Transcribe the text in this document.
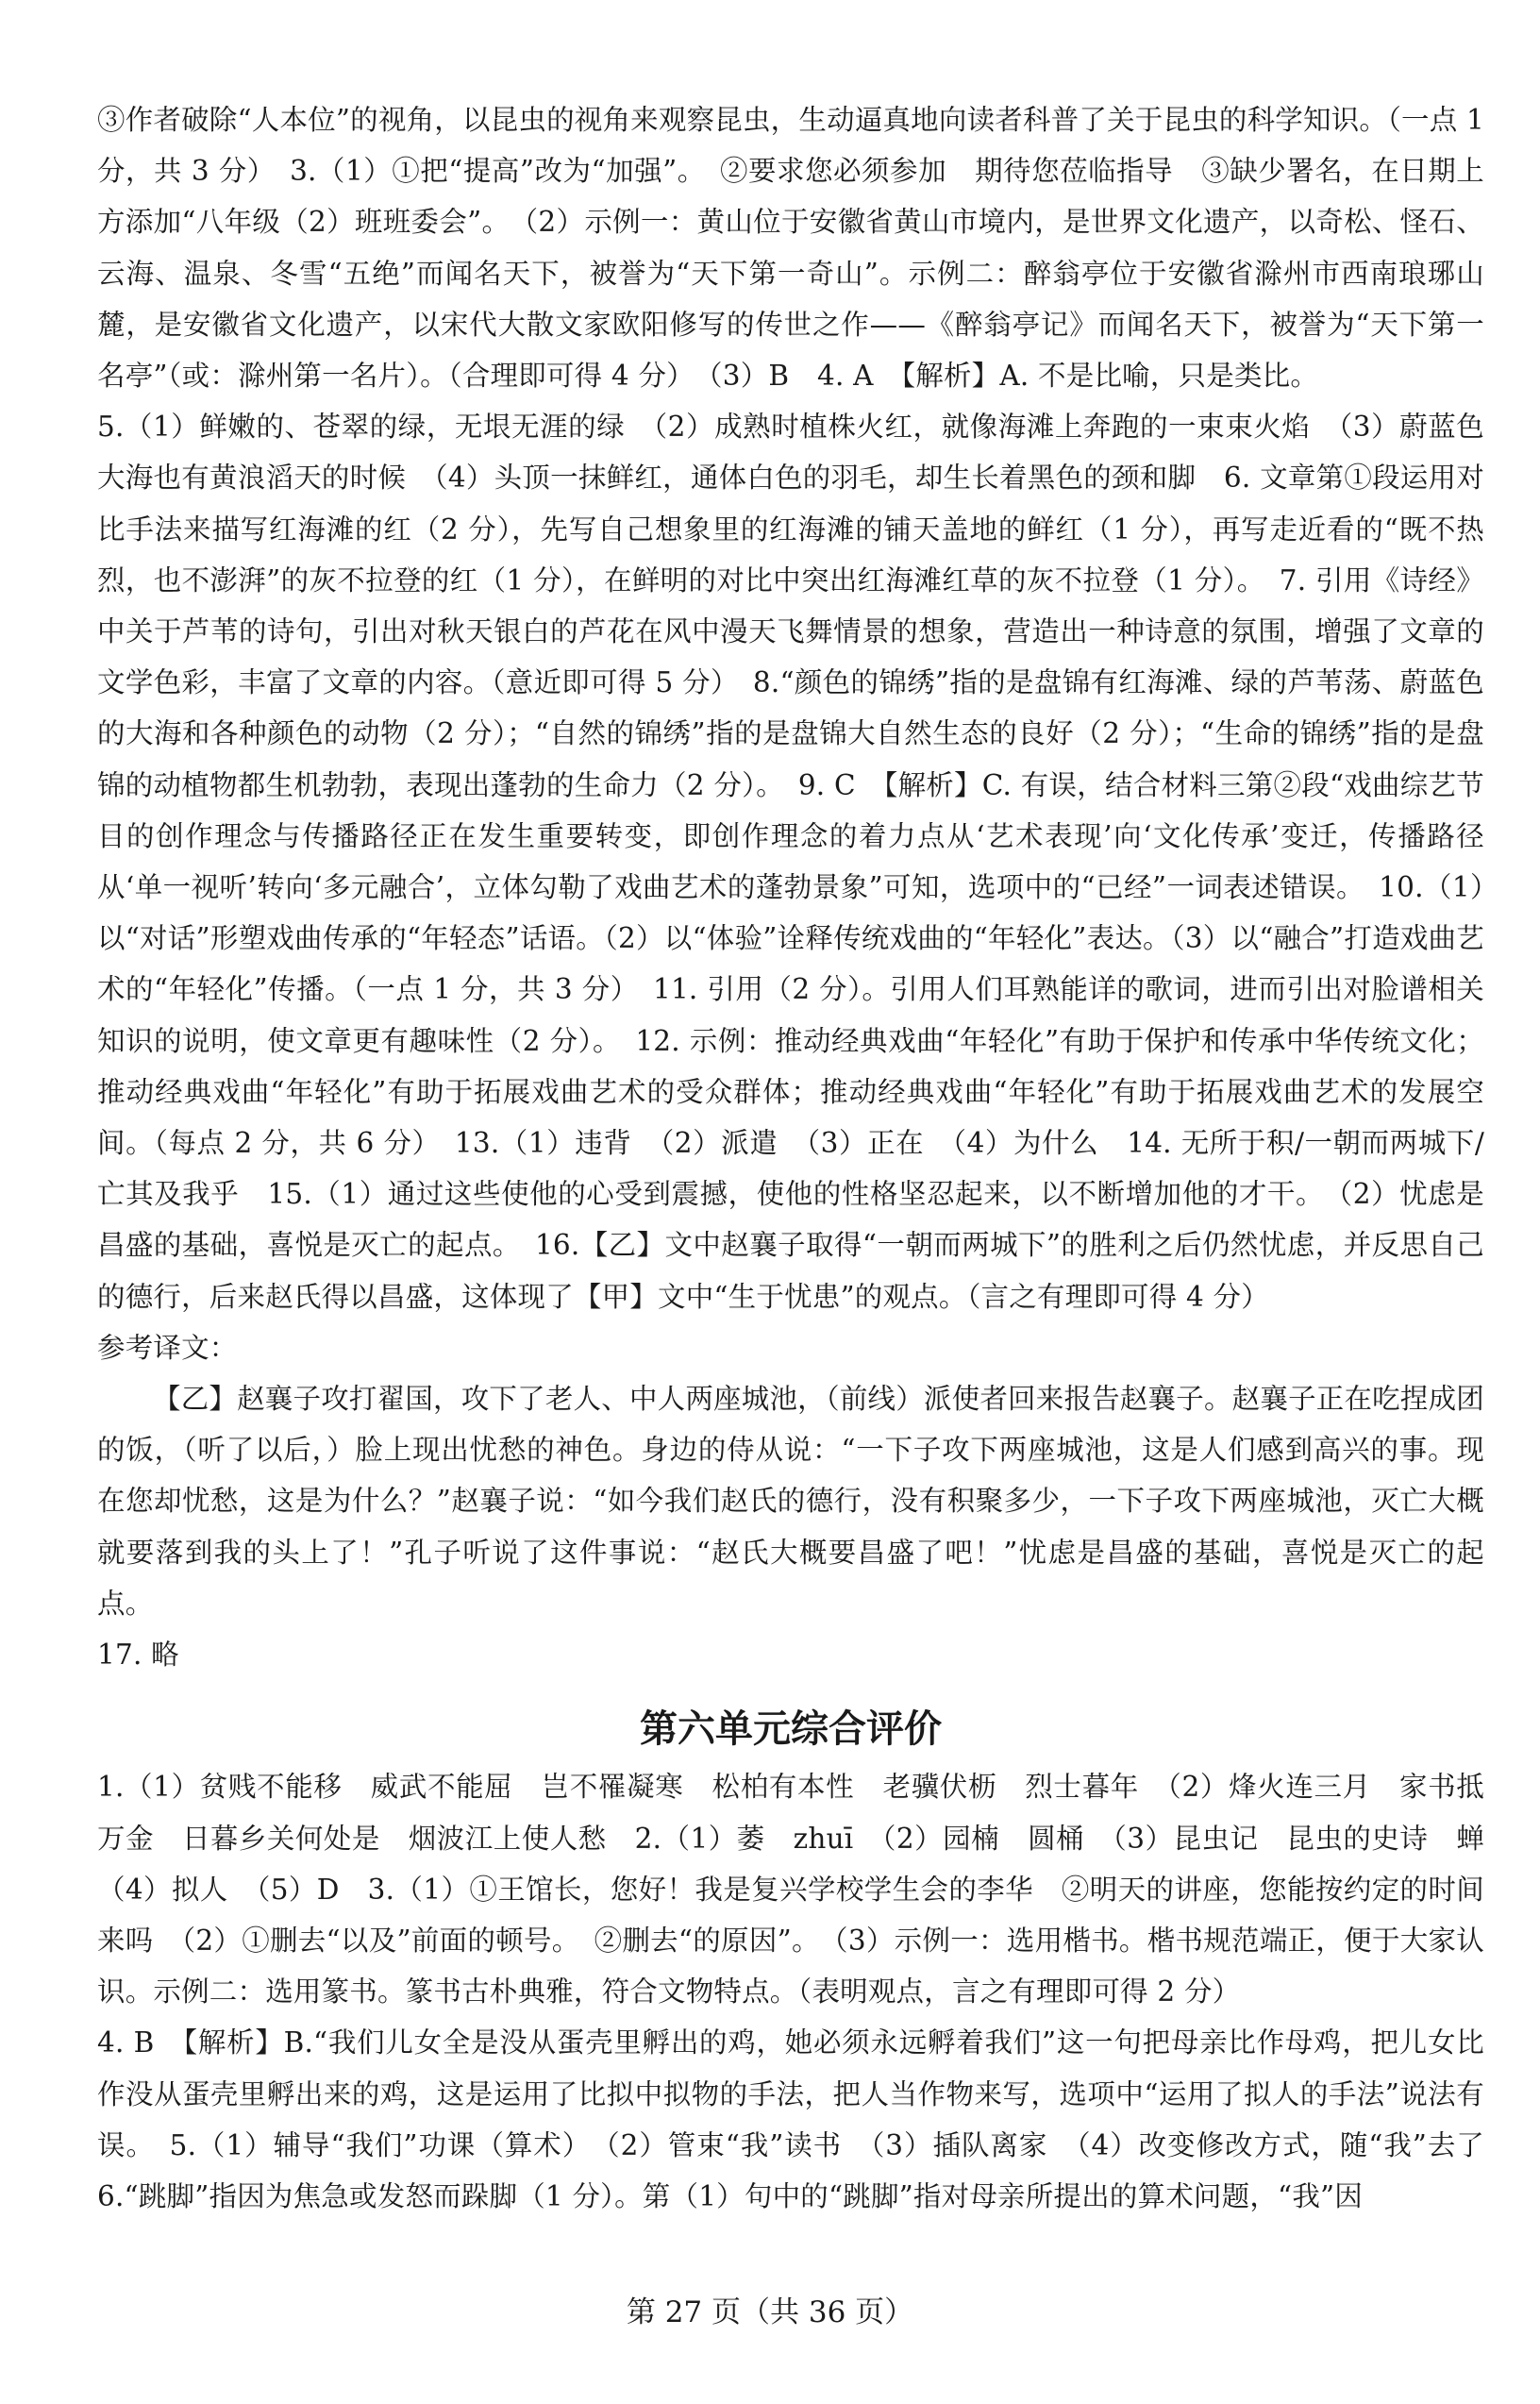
③作者破除“人本位”的视角，以昆虫的视角来观察昆虫，生动逼真地向读者科普了关于昆虫的科学知识。（一点 1 分，共 3 分）　3.（1）①把“提高”改为“加强”。　②要求您必须参加　期待您莅临指导　③缺少署名，在日期上方添加“八年级（2）班班委会”。　（2）示例一：黄山位于安徽省黄山市境内，是世界文化遗产，以奇松、怪石、云海、温泉、冬雪“五绝”而闻名天下，被誉为“天下第一奇山”。示例二：醉翁亭位于安徽省滁州市西南琅琊山麓，是安徽省文化遗产，以宋代大散文家欧阳修写的传世之作——《醉翁亭记》而闻名天下，被誉为“天下第一名亭”（或：滁州第一名片）。（合理即可得 4 分）　（3）B　4. A　【解析】A. 不是比喻，只是类比。

5.（1）鲜嫩的、苍翠的绿，无垠无涯的绿　（2）成熟时植株火红，就像海滩上奔跑的一束束火焰　（3）蔚蓝色大海也有黄浪滔天的时候　（4）头顶一抹鲜红，通体白色的羽毛，却生长着黑色的颈和脚　6. 文章第①段运用对比手法来描写红海滩的红（2 分），先写自己想象里的红海滩的铺天盖地的鲜红（1 分），再写走近看的“既不热烈，也不澎湃”的灰不拉登的红（1 分），在鲜明的对比中突出红海滩红草的灰不拉登（1 分）。　7. 引用《诗经》中关于芦苇的诗句，引出对秋天银白的芦花在风中漫天飞舞情景的想象，营造出一种诗意的氛围，增强了文章的文学色彩，丰富了文章的内容。（意近即可得 5 分）　8.“颜色的锦绣”指的是盘锦有红海滩、绿的芦苇荡、蔚蓝色的大海和各种颜色的动物（2 分）；“自然的锦绣”指的是盘锦大自然生态的良好（2 分）；“生命的锦绣”指的是盘锦的动植物都生机勃勃，表现出蓬勃的生命力（2 分）。　9. C　【解析】C. 有误，结合材料三第②段“戏曲综艺节目的创作理念与传播路径正在发生重要转变，即创作理念的着力点从‘艺术表现’向‘文化传承’变迁，传播路径从‘单一视听’转向‘多元融合’，立体勾勒了戏曲艺术的蓬勃景象”可知，选项中的“已经”一词表述错误。　10.（1）以“对话”形塑戏曲传承的“年轻态”话语。（2）以“体验”诠释传统戏曲的“年轻化”表达。（3）以“融合”打造戏曲艺术的“年轻化”传播。（一点 1 分，共 3 分）　11. 引用（2 分）。引用人们耳熟能详的歌词，进而引出对脸谱相关知识的说明，使文章更有趣味性（2 分）。　12. 示例：推动经典戏曲“年轻化”有助于保护和传承中华传统文化；推动经典戏曲“年轻化”有助于拓展戏曲艺术的受众群体；推动经典戏曲“年轻化”有助于拓展戏曲艺术的发展空间。（每点 2 分，共 6 分）　13.（1）违背　（2）派遣　（3）正在　（4）为什么　14. 无所于积/一朝而两城下/亡其及我乎　15.（1）通过这些使他的心受到震撼，使他的性格坚忍起来，以不断增加他的才干。　（2）忧虑是昌盛的基础，喜悦是灭亡的起点。　16.【乙】文中赵襄子取得“一朝而两城下”的胜利之后仍然忧虑，并反思自己的德行，后来赵氏得以昌盛，这体现了【甲】文中“生于忧患”的观点。（言之有理即可得 4 分）

参考译文：

【乙】赵襄子攻打翟国，攻下了老人、中人两座城池，（前线）派使者回来报告赵襄子。赵襄子正在吃捏成团的饭，（听了以后，）脸上现出忧愁的神色。身边的侍从说：“一下子攻下两座城池，这是人们感到高兴的事。现在您却忧愁，这是为什么？”赵襄子说：“如今我们赵氏的德行，没有积聚多少，一下子攻下两座城池，灭亡大概就要落到我的头上了！”孔子听说了这件事说：“赵氏大概要昌盛了吧！”忧虑是昌盛的基础，喜悦是灭亡的起点。

17. 略

第六单元综合评价

1.（1）贫贱不能移　威武不能屈　岂不罹凝寒　松柏有本性　老骥伏枥　烈士暮年　（2）烽火连三月　家书抵万金　日暮乡关何处是　烟波江上使人愁　2.（1）萎　zhuī　（2）园楠　圆桶　（3）昆虫记　昆虫的史诗　蝉　（4）拟人　（5）D　3.（1）①王馆长，您好！我是复兴学校学生会的李华　②明天的讲座，您能按约定的时间来吗　（2）①删去“以及”前面的顿号。　②删去“的原因”。　（3）示例一：选用楷书。楷书规范端正，便于大家认识。示例二：选用篆书。篆书古朴典雅，符合文物特点。（表明观点，言之有理即可得 2 分）

4. B　【解析】B.“我们儿女全是没从蛋壳里孵出的鸡，她必须永远孵着我们”这一句把母亲比作母鸡，把儿女比作没从蛋壳里孵出来的鸡，这是运用了比拟中拟物的手法，把人当作物来写，选项中“运用了拟人的手法”说法有误。　5.（1）辅导“我们”功课（算术）　（2）管束“我”读书　（3）插队离家　（4）改变修改方式，随“我”去了　6.“跳脚”指因为焦急或发怒而跺脚（1 分）。第（1）句中的“跳脚”指对母亲所提出的算术问题，“我”因

第 27 页（共 36 页）
